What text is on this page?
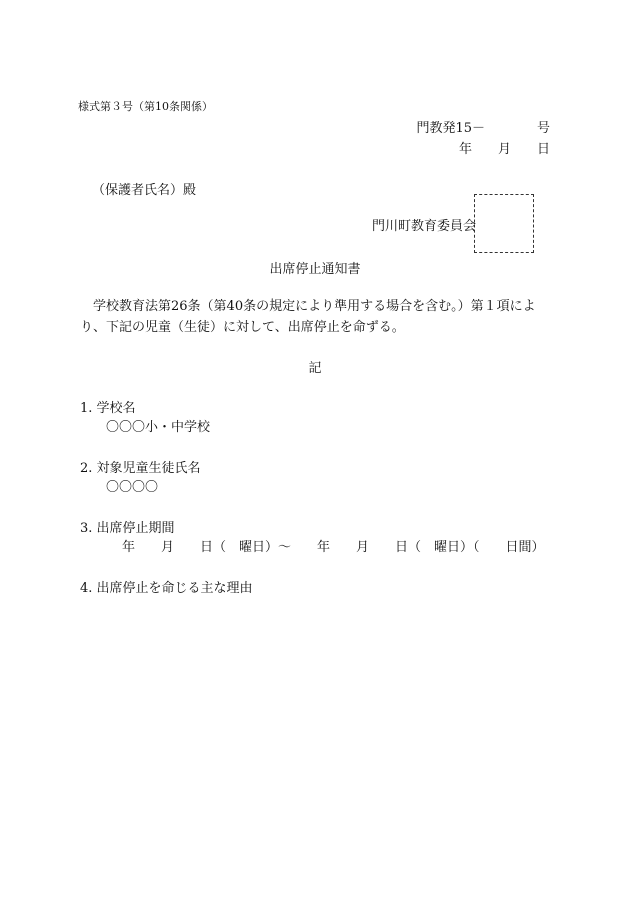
様式第３号（第10条関係）
門教発15－　　　　号
年　　月　　日
（保護者氏名）殿
門川町教育委員会
出席停止通知書
学校教育法第26条（第40条の規定により準用する場合を含む。）第１項により、下記の児童（生徒）に対して、出席停止を命ずる。
記
1. 学校名
〇〇〇小・中学校
2. 対象児童生徒氏名
〇〇〇〇
3. 出席停止期間
年　　月　　日（　曜日）～　　年　　月　　日（　曜日）（　　日間）
4. 出席停止を命じる主な理由
